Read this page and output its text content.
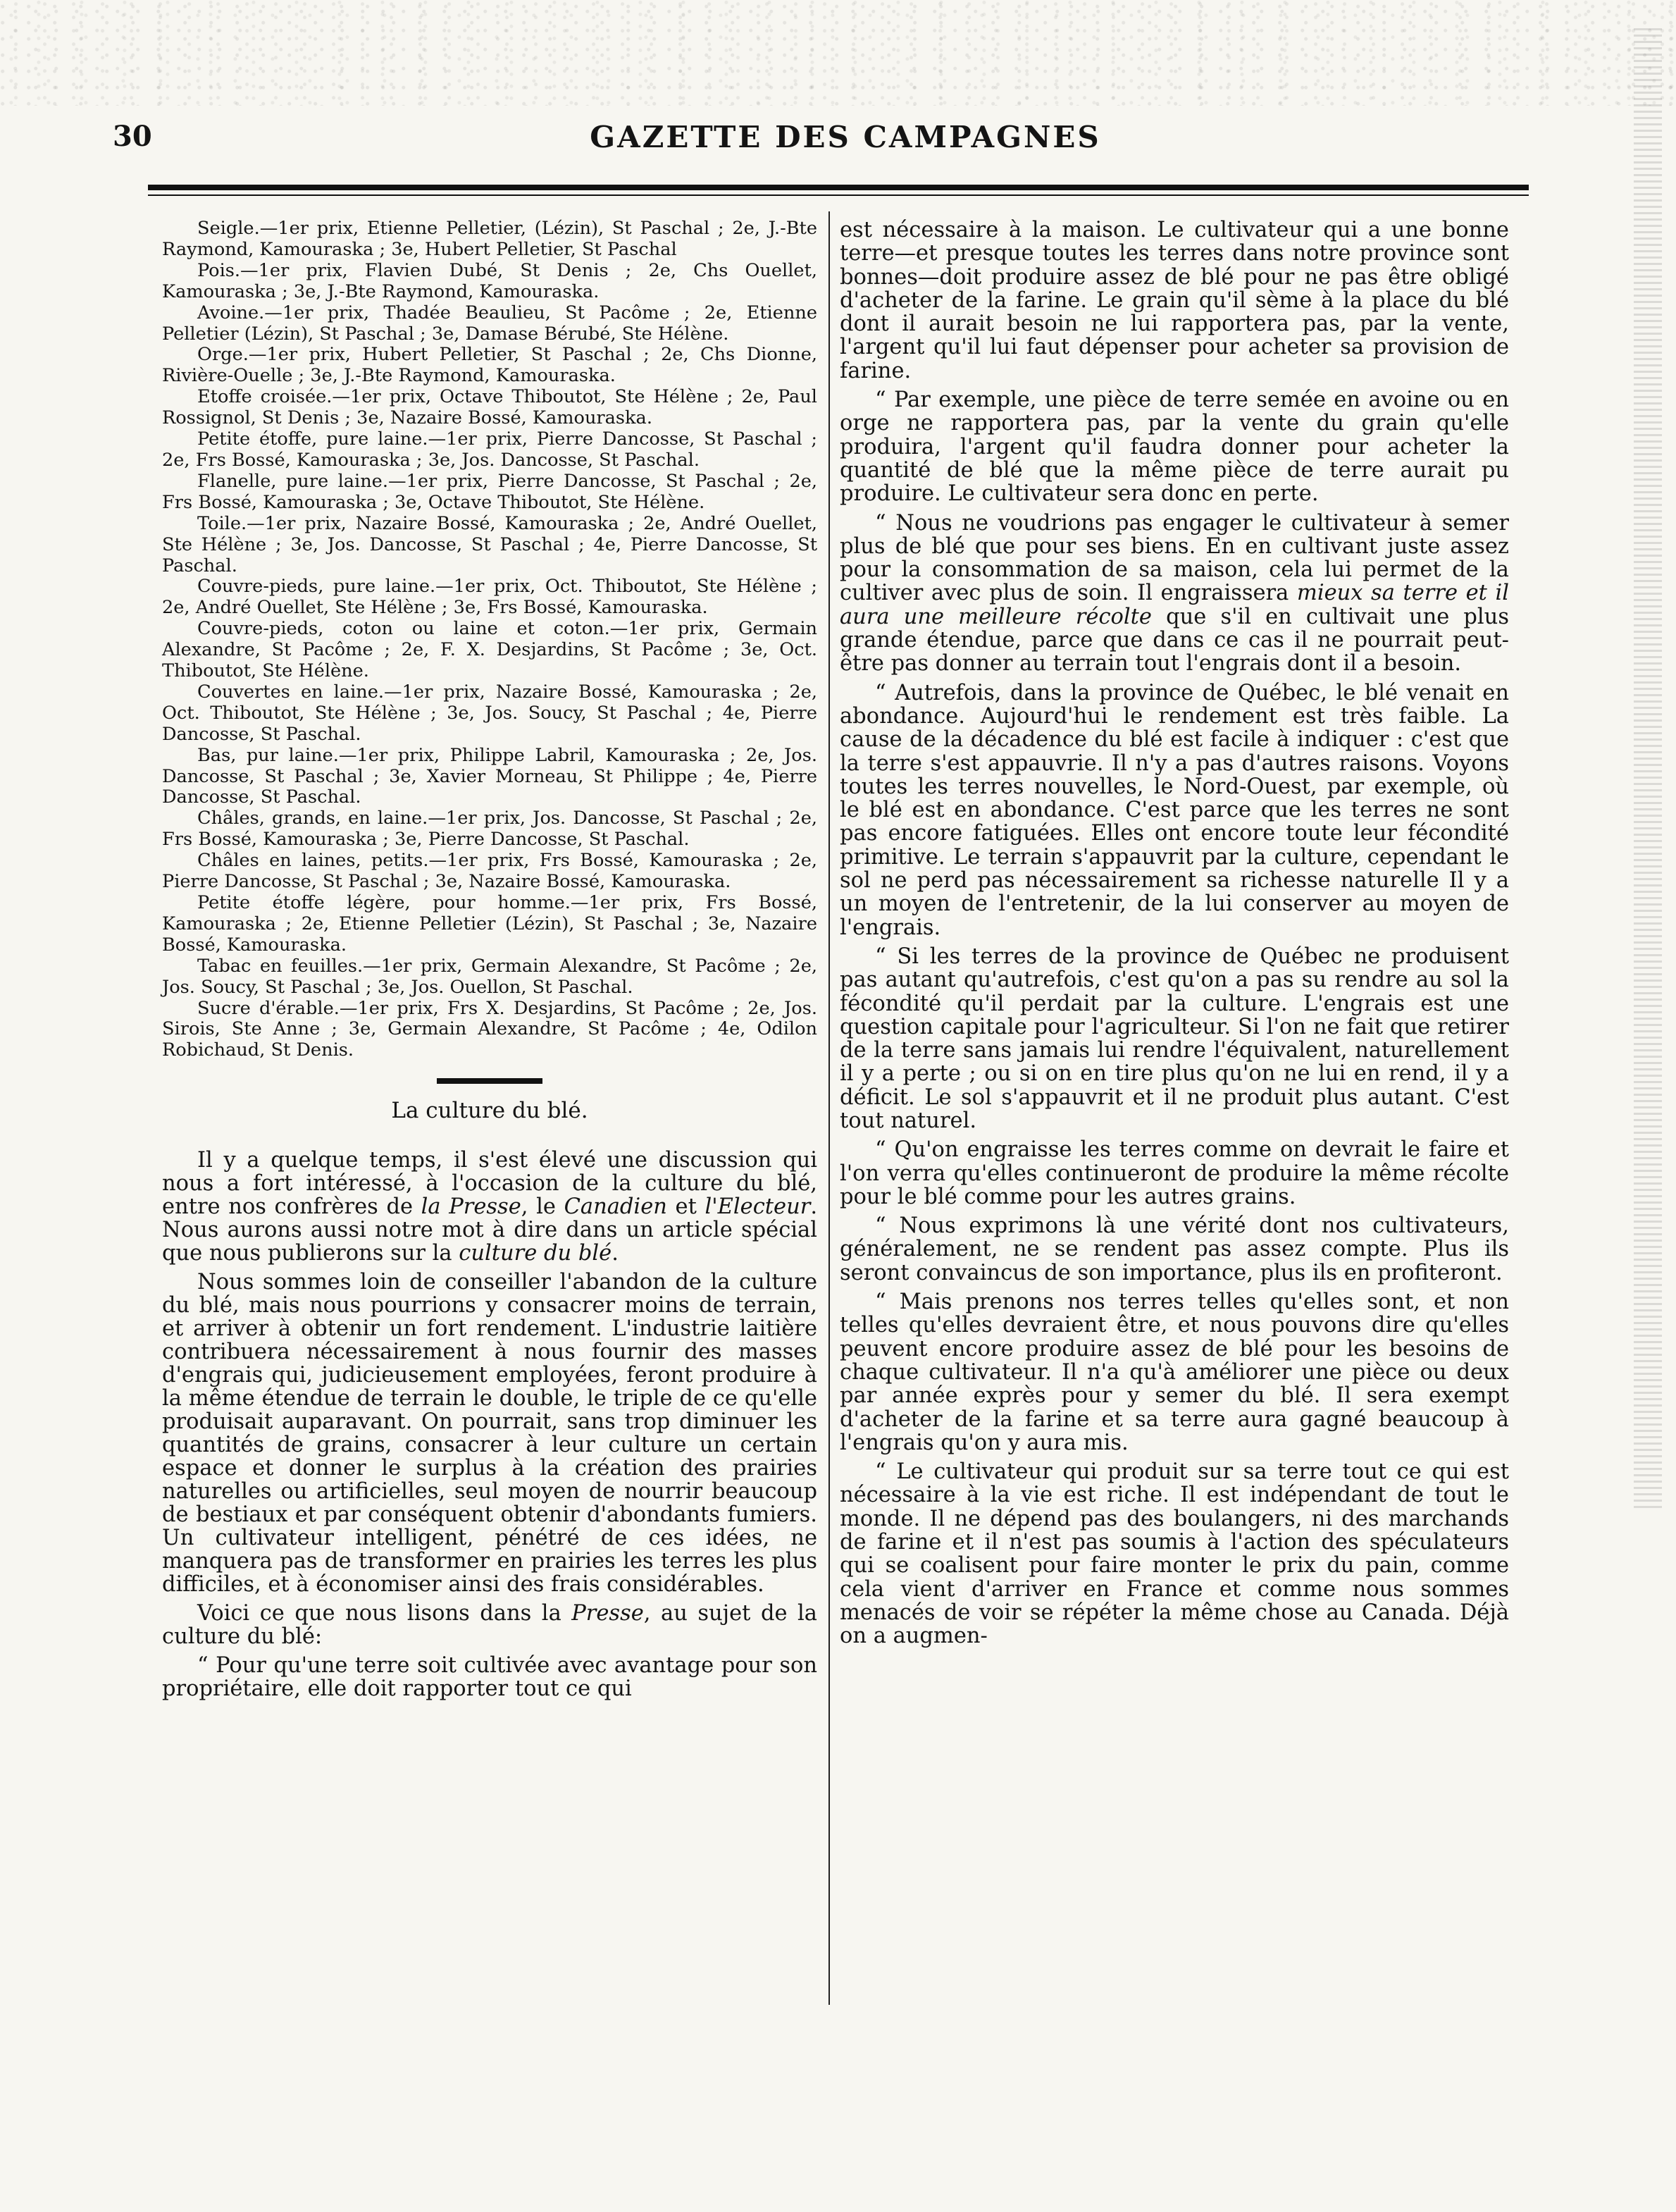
30	GAZETTE DES CAMPAGNES

Seigle.—1er prix, Etienne Pelletier, (Lézin), St Paschal ; 2e, J.-Bte Raymond, Kamouraska ; 3e, Hubert Pelletier, St Paschal

Pois.—1er prix, Flavien Dubé, St Denis ; 2e, Chs Ouellet, Kamouraska ; 3e, J.-Bte Raymond, Kamouraska.

Avoine.—1er prix, Thadée Beaulieu, St Pacôme ; 2e, Etienne Pelletier (Lézin), St Paschal ; 3e, Damase Bérubé, Ste Hélène.

Orge.—1er prix, Hubert Pelletier, St Paschal ; 2e, Chs Dionne, Rivière-Ouelle ; 3e, J.-Bte Raymond, Kamouraska.

Etoffe croisée.—1er prix, Octave Thiboutot, Ste Hélène ; 2e, Paul Rossignol, St Denis ; 3e, Nazaire Bossé, Kamouraska.

Petite étoffe, pure laine.—1er prix, Pierre Dancosse, St Paschal ; 2e, Frs Bossé, Kamouraska ; 3e, Jos. Dancosse, St Paschal.

Flanelle, pure laine.—1er prix, Pierre Dancosse, St Paschal ; 2e, Frs Bossé, Kamouraska ; 3e, Octave Thiboutot, Ste Hélène.

Toile.—1er prix, Nazaire Bossé, Kamouraska ; 2e, André Ouellet, Ste Hélène ; 3e, Jos. Dancosse, St Paschal ; 4e, Pierre Dancosse, St Paschal.

Couvre-pieds, pure laine.—1er prix, Oct. Thiboutot, Ste Hélène ; 2e, André Ouellet, Ste Hélène ; 3e, Frs Bossé, Kamouraska.

Couvre-pieds, coton ou laine et coton.—1er prix, Germain Alexandre, St Pacôme ; 2e, F. X. Desjardins, St Pacôme ; 3e, Oct. Thiboutot, Ste Hélène.

Couvertes en laine.—1er prix, Nazaire Bossé, Kamouraska ; 2e, Oct. Thiboutot, Ste Hélène ; 3e, Jos. Soucy, St Paschal ; 4e, Pierre Dancosse, St Paschal.

Bas, pur laine.—1er prix, Philippe Labril, Kamouraska ; 2e, Jos. Dancosse, St Paschal ; 3e, Xavier Morneau, St Philippe ; 4e, Pierre Dancosse, St Paschal.

Châles, grands, en laine.—1er prix, Jos. Dancosse, St Paschal ; 2e, Frs Bossé, Kamouraska ; 3e, Pierre Dancosse, St Paschal.

Châles en laines, petits.—1er prix, Frs Bossé, Kamouraska ; 2e, Pierre Dancosse, St Paschal ; 3e, Nazaire Bossé, Kamouraska.

Petite étoffe légère, pour homme.—1er prix, Frs Bossé, Kamouraska ; 2e, Etienne Pelletier (Lézin), St Paschal ; 3e, Nazaire Bossé, Kamouraska.

Tabac en feuilles.—1er prix, Germain Alexandre, St Pacôme ; 2e, Jos. Soucy, St Paschal ; 3e, Jos. Ouellon, St Paschal.

Sucre d'érable.—1er prix, Frs X. Desjardins, St Pacôme ; 2e, Jos. Sirois, Ste Anne ; 3e, Germain Alexandre, St Pacôme ; 4e, Odilon Robichaud, St Denis.

La culture du blé.

Il y a quelque temps, il s'est élevé une discussion qui nous a fort intéressé, à l'occasion de la culture du blé, entre nos confrères de la Presse, le Canadien et l'Electeur. Nous aurons aussi notre mot à dire dans un article spécial que nous publierons sur la culture du blé.

Nous sommes loin de conseiller l'abandon de la culture du blé, mais nous pourrions y consacrer moins de terrain, et arriver à obtenir un fort rendement. L'industrie laitière contribuera nécessairement à nous fournir des masses d'engrais qui, judicieusement employées, feront produire à la même étendue de terrain le double, le triple de ce qu'elle produisait auparavant. On pourrait, sans trop diminuer les quantités de grains, consacrer à leur culture un certain espace et donner le surplus à la création des prairies naturelles ou artificielles, seul moyen de nourrir beaucoup de bestiaux et par conséquent obtenir d'abondants fumiers. Un cultivateur intelligent, pénétré de ces idées, ne manquera pas de transformer en prairies les terres les plus difficiles, et à économiser ainsi des frais considérables.

Voici ce que nous lisons dans la Presse, au sujet de la culture du blé:

“ Pour qu'une terre soit cultivée avec avantage pour son propriétaire, elle doit rapporter tout ce qui

est nécessaire à la maison. Le cultivateur qui a une bonne terre—et presque toutes les terres dans notre province sont bonnes—doit produire assez de blé pour ne pas être obligé d'acheter de la farine. Le grain qu'il sème à la place du blé dont il aurait besoin ne lui rapportera pas, par la vente, l'argent qu'il lui faut dépenser pour acheter sa provision de farine.

“ Par exemple, une pièce de terre semée en avoine ou en orge ne rapportera pas, par la vente du grain qu'elle produira, l'argent qu'il faudra donner pour acheter la quantité de blé que la même pièce de terre aurait pu produire. Le cultivateur sera donc en perte.

“ Nous ne voudrions pas engager le cultivateur à semer plus de blé que pour ses biens. En en cultivant juste assez pour la consommation de sa maison, cela lui permet de la cultiver avec plus de soin. Il engraissera mieux sa terre et il aura une meilleure récolte que s'il en cultivait une plus grande étendue, parce que dans ce cas il ne pourrait peut-être pas donner au terrain tout l'engrais dont il a besoin.

“ Autrefois, dans la province de Québec, le blé venait en abondance. Aujourd'hui le rendement est très faible. La cause de la décadence du blé est facile à indiquer : c'est que la terre s'est appauvrie. Il n'y a pas d'autres raisons. Voyons toutes les terres nouvelles, le Nord-Ouest, par exemple, où le blé est en abondance. C'est parce que les terres ne sont pas encore fatiguées. Elles ont encore toute leur fécondité primitive. Le terrain s'appauvrit par la culture, cependant le sol ne perd pas nécessairement sa richesse naturelle Il y a un moyen de l'entretenir, de la lui conserver au moyen de l'engrais.

“ Si les terres de la province de Québec ne produisent pas autant qu'autrefois, c'est qu'on a pas su rendre au sol la fécondité qu'il perdait par la culture. L'engrais est une question capitale pour l'agriculteur. Si l'on ne fait que retirer de la terre sans jamais lui rendre l'équivalent, naturellement il y a perte ; ou si on en tire plus qu'on ne lui en rend, il y a déficit. Le sol s'appauvrit et il ne produit plus autant. C'est tout naturel.

“ Qu'on engraisse les terres comme on devrait le faire et l'on verra qu'elles continueront de produire la même récolte pour le blé comme pour les autres grains.

“ Nous exprimons là une vérité dont nos cultivateurs, généralement, ne se rendent pas assez compte. Plus ils seront convaincus de son importance, plus ils en profiteront.

“ Mais prenons nos terres telles qu'elles sont, et non telles qu'elles devraient être, et nous pouvons dire qu'elles peuvent encore produire assez de blé pour les besoins de chaque cultivateur. Il n'a qu'à améliorer une pièce ou deux par année exprès pour y semer du blé. Il sera exempt d'acheter de la farine et sa terre aura gagné beaucoup à l'engrais qu'on y aura mis.

“ Le cultivateur qui produit sur sa terre tout ce qui est nécessaire à la vie est riche. Il est indépendant de tout le monde. Il ne dépend pas des boulangers, ni des marchands de farine et il n'est pas soumis à l'action des spéculateurs qui se coalisent pour faire monter le prix du pain, comme cela vient d'arriver en France et comme nous sommes menacés de voir se répéter la même chose au Canada. Déjà on a augmen-
